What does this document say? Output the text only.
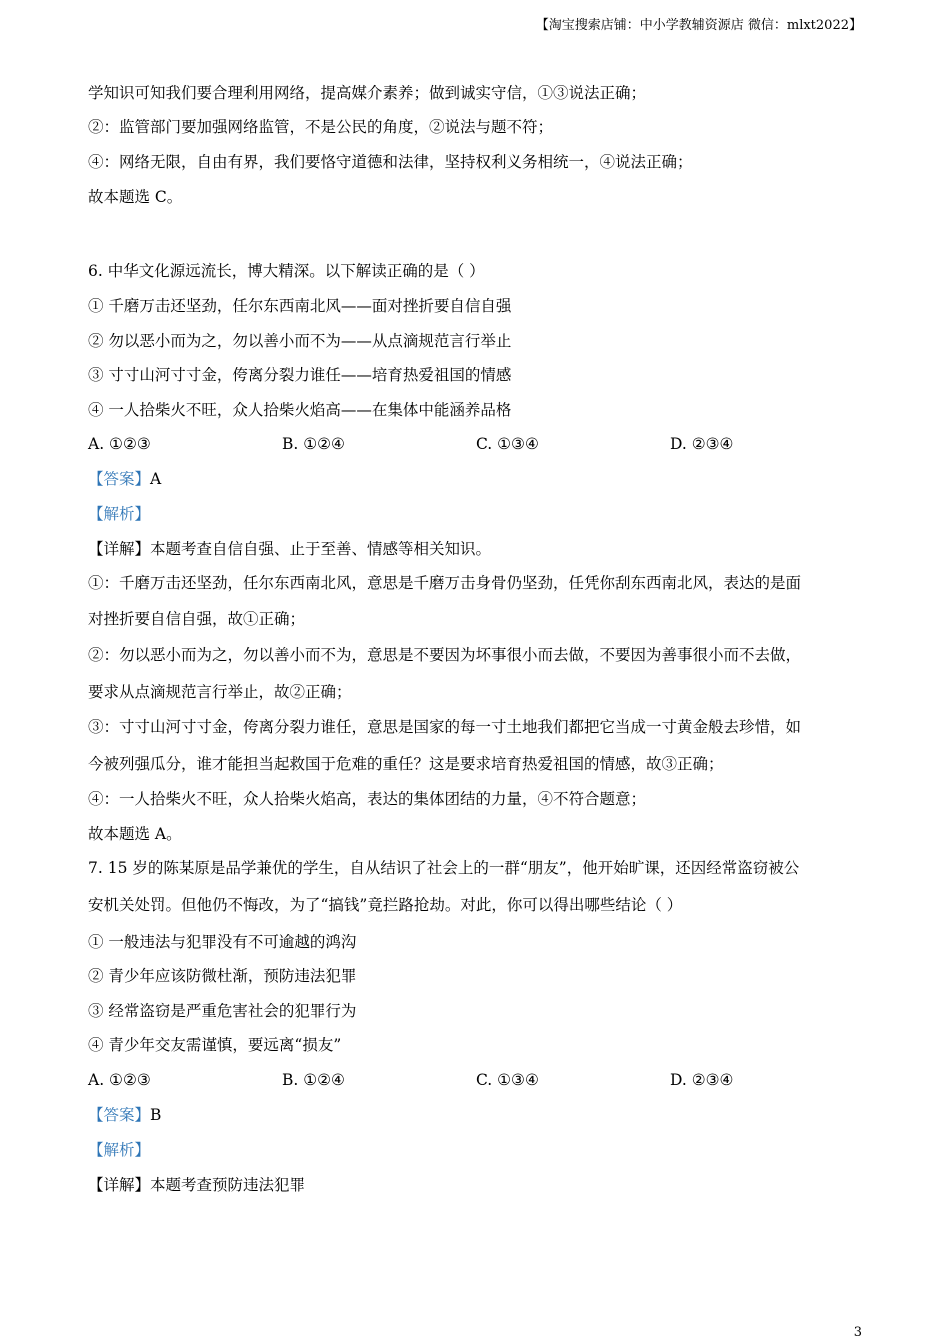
【淘宝搜索店铺：中小学教辅资源店 微信：mlxt2022】
学知识可知我们要合理利用网络，提高媒介素养；做到诚实守信，①③说法正确；
②：监管部门要加强网络监管，不是公民的角度，②说法与题不符；
④：网络无限，自由有界，我们要恪守道德和法律，坚持权利义务相统一，④说法正确；
故本题选 C。
6. 中华文化源远流长，博大精深。以下解读正确的是（ ）
① 千磨万击还坚劲，任尔东西南北风——面对挫折要自信自强
② 勿以恶小而为之，勿以善小而不为——从点滴规范言行举止
③ 寸寸山河寸寸金，侉离分裂力谁任——培育热爱祖国的情感
④ 一人拾柴火不旺，众人拾柴火焰高——在集体中能涵养品格
A. ①②③	B. ①②④	C. ①③④	D. ②③④
【答案】A
【解析】
【详解】本题考查自信自强、止于至善、情感等相关知识。
①：千磨万击还坚劲，任尔东西南北风，意思是千磨万击身骨仍坚劲，任凭你刮东西南北风，表达的是面
对挫折要自信自强，故①正确；
②：勿以恶小而为之，勿以善小而不为，意思是不要因为坏事很小而去做，不要因为善事很小而不去做，
要求从点滴规范言行举止，故②正确；
③：寸寸山河寸寸金，侉离分裂力谁任，意思是国家的每一寸土地我们都把它当成一寸黄金般去珍惜，如
今被列强瓜分，谁才能担当起救国于危难的重任？这是要求培育热爱祖国的情感，故③正确；
④：一人拾柴火不旺，众人拾柴火焰高，表达的集体团结的力量，④不符合题意；
故本题选 A。
7. 15 岁的陈某原是品学兼优的学生，自从结识了社会上的一群“朋友”，他开始旷课，还因经常盗窃被公
安机关处罚。但他仍不悔改，为了“搞钱”竟拦路抢劫。对此，你可以得出哪些结论（ ）
① 一般违法与犯罪没有不可逾越的鸿沟
② 青少年应该防微杜渐，预防违法犯罪
③ 经常盗窃是严重危害社会的犯罪行为
④ 青少年交友需谨慎，要远离“损友”
A. ①②③	B. ①②④	C. ①③④	D. ②③④
【答案】B
【解析】
【详解】本题考查预防违法犯罪
3
